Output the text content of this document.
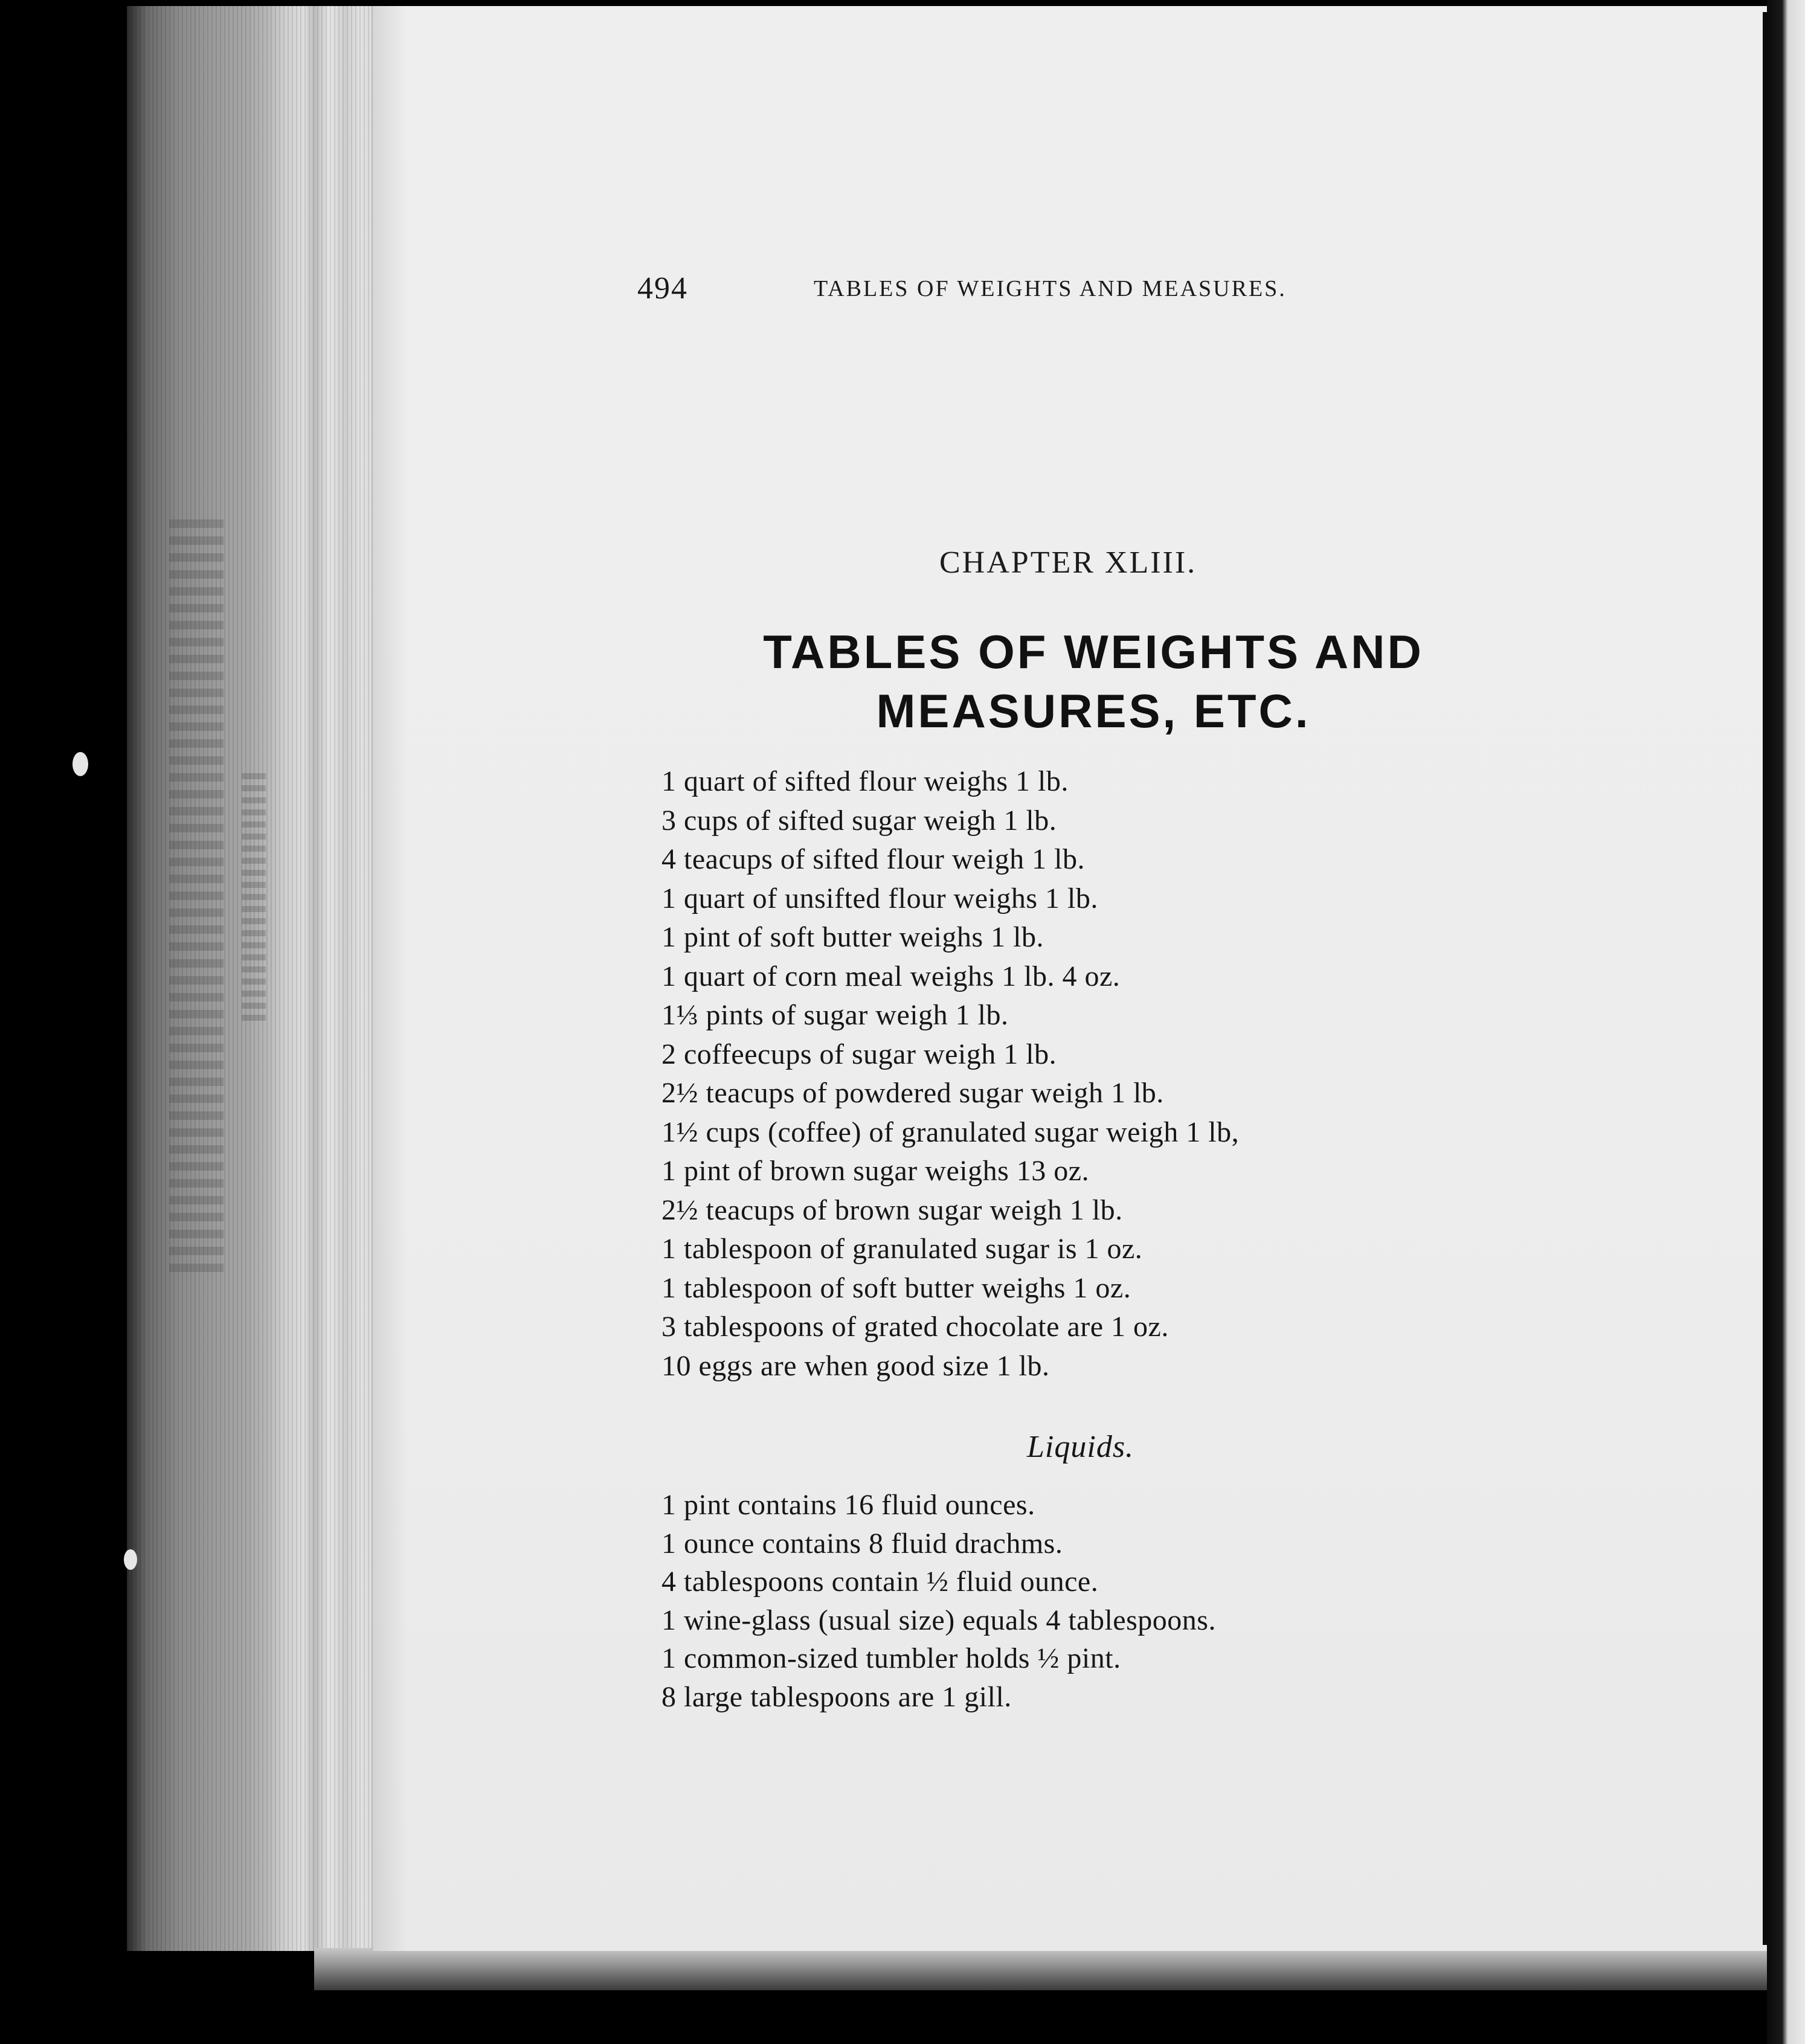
494	TABLES OF WEIGHTS AND MEASURES.
CHAPTER XLIII.
TABLES OF WEIGHTS AND
MEASURES, ETC.
1 quart of sifted flour weighs 1 lb.
3 cups of sifted sugar weigh 1 lb.
4 teacups of sifted flour weigh 1 lb.
1 quart of unsifted flour weighs 1 lb.
1 pint of soft butter weighs 1 lb.
1 quart of corn meal weighs 1 lb. 4 oz.
1⅓ pints of sugar weigh 1 lb.
2 coffeecups of sugar weigh 1 lb.
2½ teacups of powdered sugar weigh 1 lb.
1½ cups (coffee) of granulated sugar weigh 1 lb,
1 pint of brown sugar weighs 13 oz.
2½ teacups of brown sugar weigh 1 lb.
1 tablespoon of granulated sugar is 1 oz.
1 tablespoon of soft butter weighs 1 oz.
3 tablespoons of grated chocolate are 1 oz.
10 eggs are when good size 1 lb.
Liquids.
1 pint contains 16 fluid ounces.
1 ounce contains 8 fluid drachms.
4 tablespoons contain ½ fluid ounce.
1 wine-glass (usual size) equals 4 tablespoons.
1 common-sized tumbler holds ½ pint.
8 large tablespoons are 1 gill.
